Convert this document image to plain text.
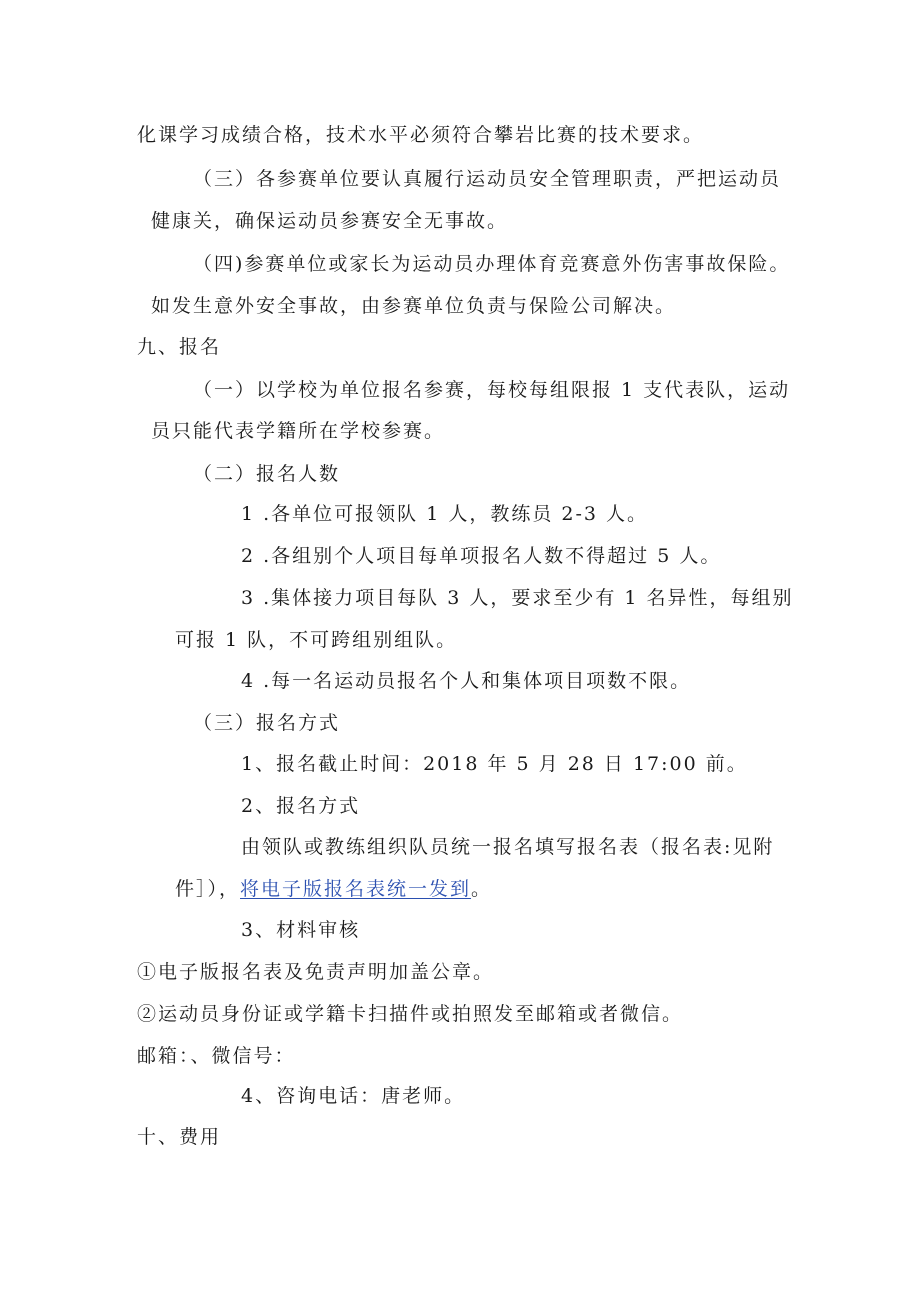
化课学习成绩合格，技术水平必须符合攀岩比赛的技术要求。
（三）各参赛单位要认真履行运动员安全管理职责，严把运动员
健康关，确保运动员参赛安全无事故。
（四)参赛单位或家长为运动员办理体育竞赛意外伤害事故保险。
如发生意外安全事故，由参赛单位负责与保险公司解决。
九、报名
（一）以学校为单位报名参赛，每校每组限报 1 支代表队，运动
员只能代表学籍所在学校参赛。
（二）报名人数
1 .各单位可报领队 1 人，教练员 2-3 人。
2 .各组别个人项目每单项报名人数不得超过 5 人。
3 .集体接力项目每队 3 人，要求至少有 1 名异性，每组别
可报 1 队，不可跨组别组队。
4 .每一名运动员报名个人和集体项目项数不限。
（三）报名方式
1、报名截止时间：2018 年 5 月 28 日 17:00 前。
2、报名方式
由领队或教练组织队员统一报名填写报名表（报名表:见附
件］），将电子版报名表统一发到。
3、材料审核
①电子版报名表及免责声明加盖公章。
②运动员身份证或学籍卡扫描件或拍照发至邮箱或者微信。
邮箱：、微信号：
4、咨询电话：唐老师。
十、费用
